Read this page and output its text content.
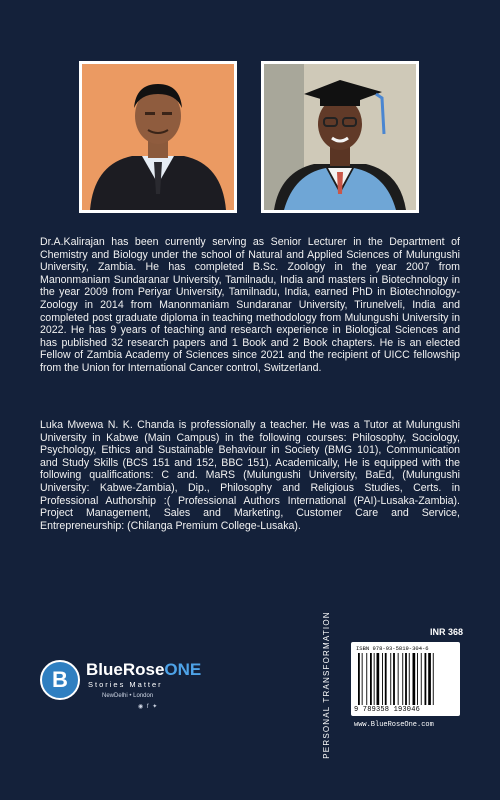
Dr.A.Kalirajan has been currently serving as Senior Lecturer in the Department of Chemistry and Biology under the school of Natural and Applied Sciences of Mulungushi University, Zambia. He has completed B.Sc. Zoology in the year 2007 from Manonmaniam Sundaranar University, Tamilnadu, India and masters in Biotechnology in the year 2009 from Periyar University, Tamilnadu, India, earned PhD in Biotechnology- Zoology in 2014 from Manonmaniam Sundaranar University, Tirunelveli, India and completed post graduate diploma in teaching methodology from Mulungushi University in 2022. He has 9 years of teaching and research experience in Biological Sciences and has published 32 research papers and 1 Book and 2 Book chapters. He is an elected Fellow of Zambia Academy of Sciences since 2021 and the recipient of UICC fellowship from the Union for International Cancer control, Switzerland.

Luka Mwewa N. K. Chanda is professionally a teacher. He was a Tutor at Mulungushi University in Kabwe (Main Campus) in the following courses: Philosophy, Sociology, Psychology, Ethics and Sustainable Behaviour in Society (BMG 101), Communication and Study Skills (BCS 151 and 152, BBC 151). Academically, He is equipped with the following qualifications: C and. MaRS (Mulungushi University, BaEd, (Mulungushi University: Kabwe-Zambia), Dip., Philosophy and Religious Studies, Certs. in Professional Authorship :( Professional Authors International (PAI)-Lusaka-Zambia). Project Management, Sales and Marketing, Customer Care and Service, Entrepreneurship: (Chilanga Premium College-Lusaka).

B	BlueRoseONE
Stories Matter
NewDelhi • London
◉ f ✦	PERSONAL TRANSFORMATION	INR 368
ISBN 978-93-5819-304-6
9 789358 193046
www.BlueRoseOne.com
